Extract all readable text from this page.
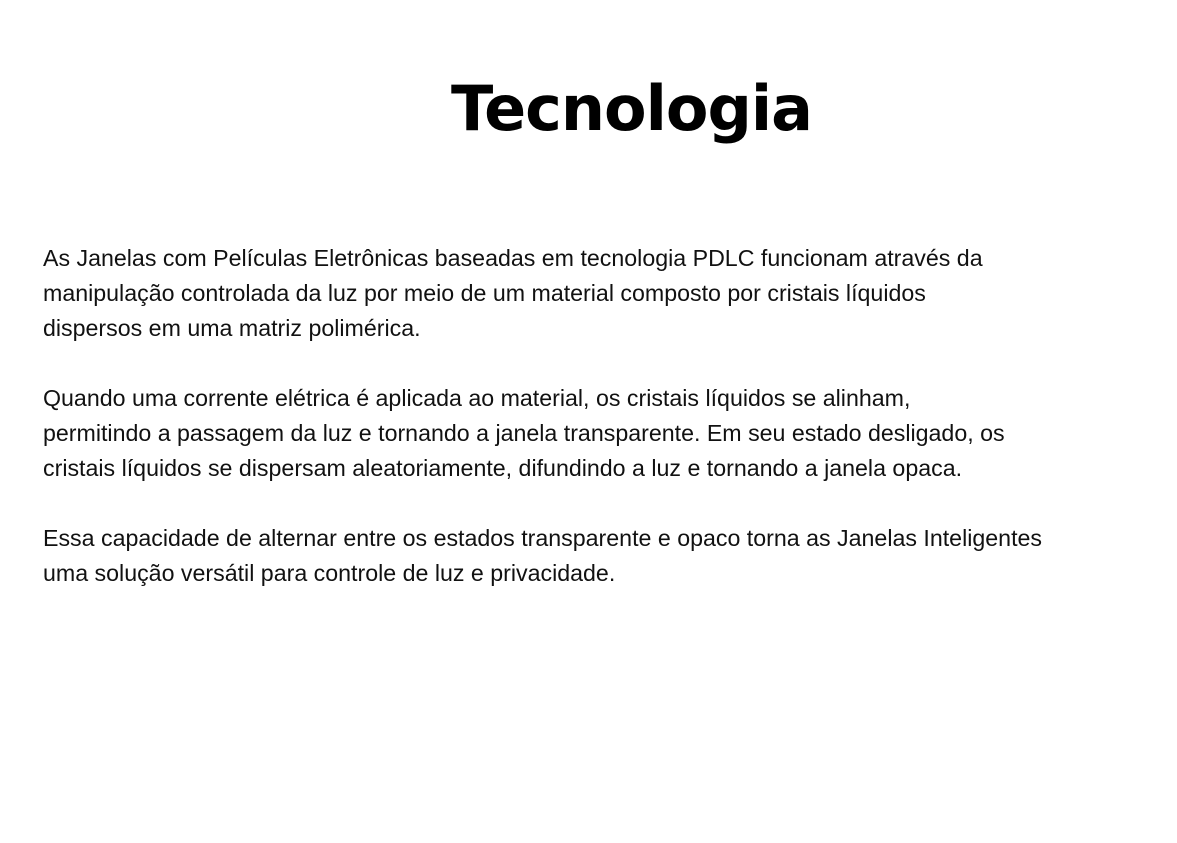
Tecnologia

As Janelas com Películas Eletrônicas baseadas em tecnologia PDLC funcionam através da
manipulação controlada da luz por meio de um material composto por cristais líquidos
dispersos em uma matriz polimérica.

Quando uma corrente elétrica é aplicada ao material, os cristais líquidos se alinham,
permitindo a passagem da luz e tornando a janela transparente. Em seu estado desligado, os
cristais líquidos se dispersam aleatoriamente, difundindo a luz e tornando a janela opaca.

Essa capacidade de alternar entre os estados transparente e opaco torna as Janelas Inteligentes
uma solução versátil para controle de luz e privacidade.
